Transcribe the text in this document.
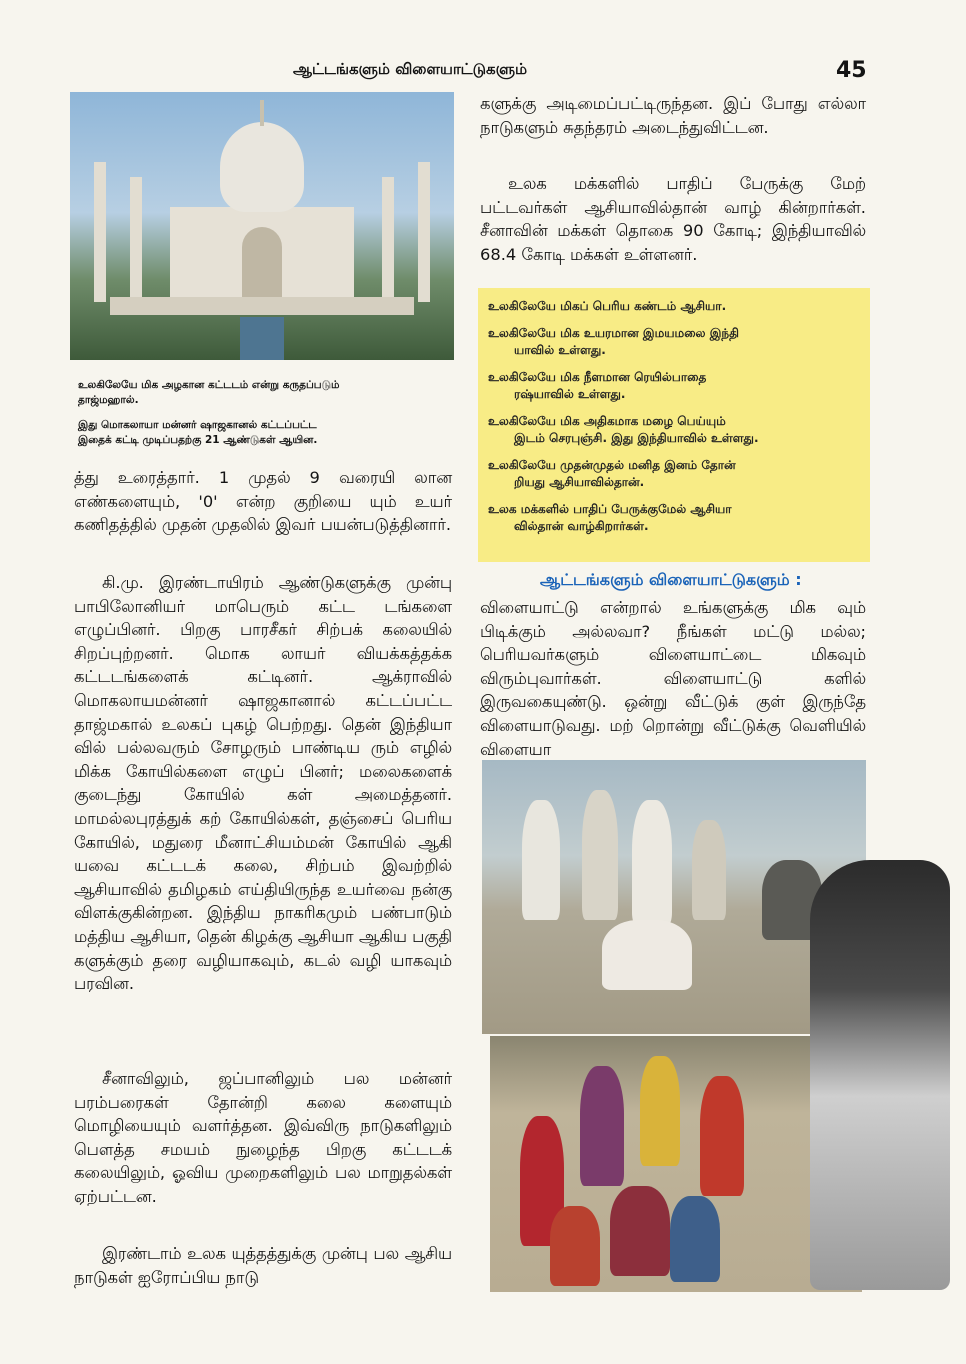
ஆட்டங்களும் விளையாட்டுகளும்	45
உலகிலேயே மிக அழகான கட்டடம் என்று கருதப்படும்
தாஜ்மஹால்.
இது மொகலாயா மன்னர் ஷாஜகானல் கட்டப்பட்ட
இதைக் கட்டி முடிப்பதற்கு 21 ஆண்டுகள் ஆயின.
த்து உரைத்தார். 1 முதல் 9 வரையி லான எண்களையும், '0' என்ற குறியை யும் உயர் கணிதத்தில் முதன் முதலில் இவர் பயன்படுத்தினார்.
கி.மு. இரண்டாயிரம் ஆண்டுகளுக்கு முன்பு பாபிலோனியர் மாபெரும் கட்ட டங்களை எழுப்பினர். பிறகு பாரசீகர் சிற்பக் கலையில் சிறப்புற்றனர். மொக லாயர் வியக்கத்தக்க கட்டடங்களைக் கட்டினர். ஆக்ராவில் மொகலாயமன்னர் ஷாஜகானால் கட்டப்பட்ட தாஜ்மகால் உலகப் புகழ் பெற்றது. தென் இந்தியா வில் பல்லவரும் சோழரும் பாண்டிய ரும் எழில் மிக்க கோயில்களை எழுப் பினர்; மலைகளைக் குடைந்து கோயில் கள் அமைத்தனர். மாமல்லபுரத்துக் கற் கோயில்கள், தஞ்சைப் பெரிய கோயில், மதுரை மீனாட்சியம்மன் கோயில் ஆகி யவை கட்டடக் கலை, சிற்பம் இவற்றில் ஆசியாவில் தமிழகம் எய்தியிருந்த உயர்வை நன்கு விளக்குகின்றன. இந்திய நாகரிகமும் பண்பாடும் மத்திய ஆசியா, தென் கிழக்கு ஆசியா ஆகிய பகுதி களுக்கும் தரை வழியாகவும், கடல் வழி யாகவும் பரவின.
சீனாவிலும், ஜப்பானிலும் பல மன்னர் பரம்பரைகள் தோன்றி கலை களையும் மொழியையும் வளர்த்தன. இவ்விரு நாடுகளிலும் பௌத்த சமயம் நுழைந்த பிறகு கட்டடக் கலையிலும், ஓவிய முறைகளிலும் பல மாறுதல்கள் ஏற்பட்டன.
இரண்டாம் உலக யுத்தத்துக்கு முன்பு பல ஆசிய நாடுகள் ஐரோப்பிய நாடு
களுக்கு அடிமைப்பட்டிருந்தன. இப் போது எல்லா நாடுகளும் சுதந்தரம் அடைந்துவிட்டன.
உலக மக்களில் பாதிப் பேருக்கு மேற் பட்டவர்கள் ஆசியாவில்தான் வாழ் கின்றார்கள். சீனாவின் மக்கள் தொகை 90 கோடி; இந்தியாவில் 68.4 கோடி மக்கள் உள்ளனர்.
உலகிலேயே மிகப் பெரிய கண்டம் ஆசியா.
உலகிலேயே மிக உயரமான இமயமலை இந்தி
யாவில் உள்ளது.
உலகிலேயே மிக நீளமான ரெயில்பாதை
ரஷ்யாவில் உள்ளது.
உலகிலேயே மிக அதிகமாக மழை பெய்யும்
இடம் செரபுஞ்சி. இது இந்தியாவில் உள்ளது.
உலகிலேயே முதன்முதல் மனித இனம் தோன்
றியது ஆசியாவில்தான்.
உலக மக்களில் பாதிப் பேருக்குமேல் ஆசியா
வில்தான் வாழ்கிறார்கள்.
ஆட்டங்களும் விளையாட்டுகளும் :
விளையாட்டு என்றால் உங்களுக்கு மிக வும் பிடிக்கும் அல்லவா? நீங்கள் மட்டு மல்ல; பெரியவர்களும் விளையாட்டை மிகவும் விரும்புவார்கள். விளையாட்டு களில் இருவகையுண்டு. ஒன்று வீட்டுக் குள் இருந்தே விளையாடுவது. மற் றொன்று வீட்டுக்கு வெளியில் விளையா
